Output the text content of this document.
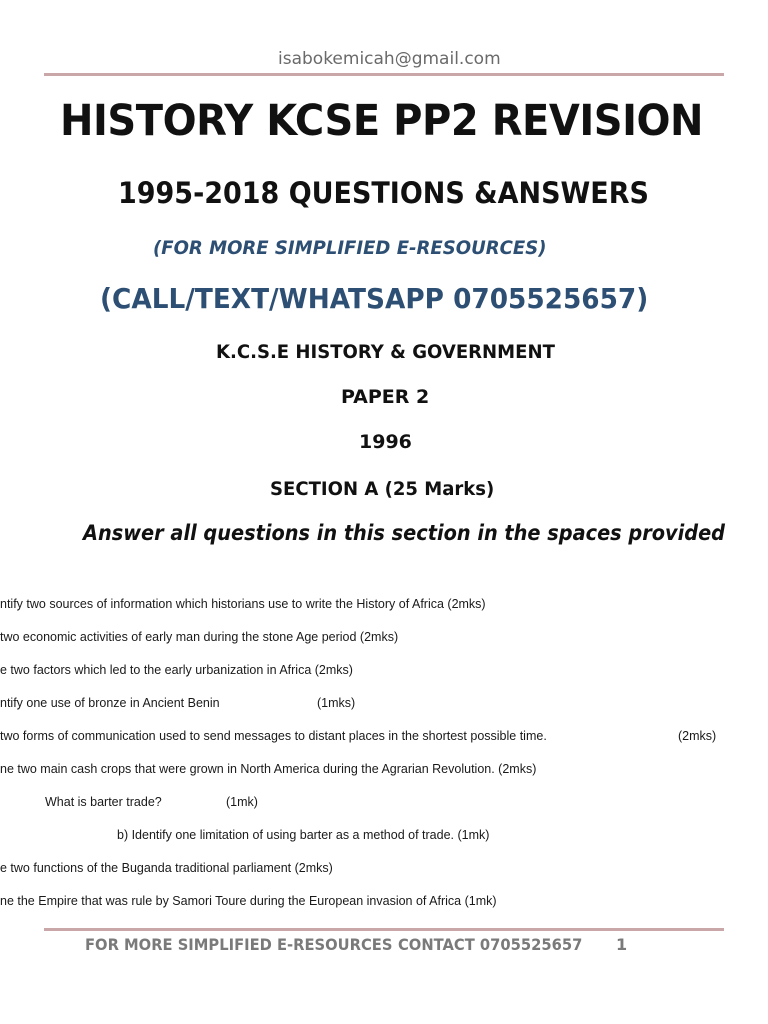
isabokemicah@gmail.com
HISTORY KCSE PP2 REVISION
1995-2018 QUESTIONS &ANSWERS
(FOR MORE SIMPLIFIED E-RESOURCES)
(CALL/TEXT/WHATSAPP 0705525657)
K.C.S.E HISTORY & GOVERNMENT
PAPER 2
1996
SECTION A (25 Marks)
Answer all questions in this section in the spaces provided
ntify two sources of information which historians use to write the History of Africa (2mks)
two economic activities of early man during the stone Age period (2mks)
e two factors which led to the early urbanization in Africa (2mks)
ntify one use of bronze in Ancient Benin	(1mks)
two forms of communication used to send messages to distant places in the shortest possible time.	(2mks)
ne two main cash crops that were grown in North America during the Agrarian Revolution. (2mks)
What is barter trade?	(1mk)
b) Identify one limitation of using barter as a method of trade. (1mk)
e two functions of the Buganda traditional parliament (2mks)
ne the Empire that was rule by Samori Toure during the European invasion of Africa (1mk)
FOR MORE SIMPLIFIED E-RESOURCES CONTACT 0705525657 1
